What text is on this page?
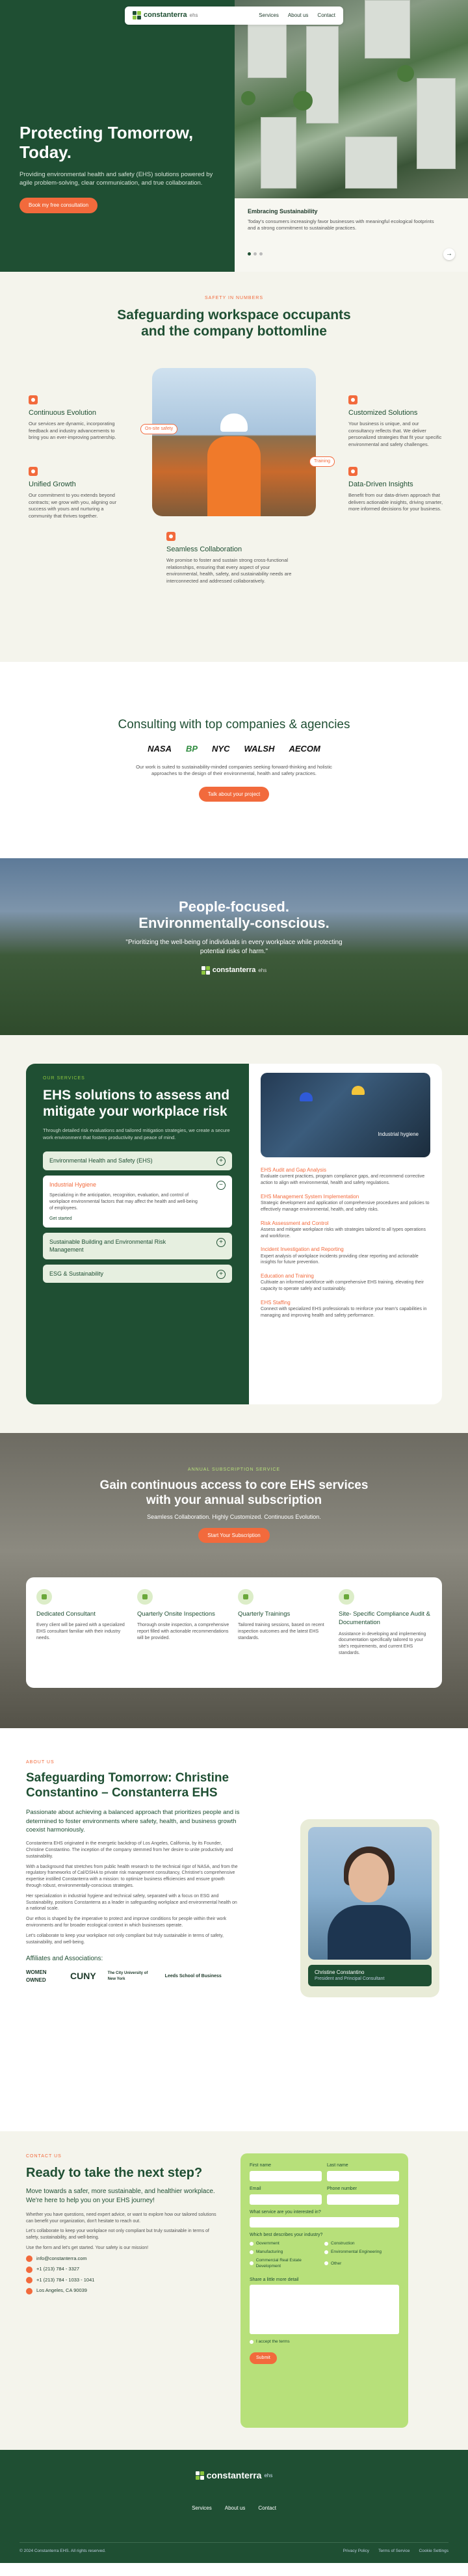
constanterra ehs	Services About us Contact
Protecting Tomorrow, Today.

Providing environmental health and safety (EHS) solutions powered by agile problem-solving, clear communication, and true collaboration.

Book my free consultation
Embracing Sustainability

Today's consumers increasingly favor businesses with meaningful ecological footprints and a strong commitment to sustainable practices.

→
SAFETY IN NUMBERS
Safeguarding workspace occupants and the company bottomline
On-site safety
Training
Continuous Evolution

Our services are dynamic, incorporating feedback and industry advancements to bring you an ever-improving partnership.

Unified Growth

Our commitment to you extends beyond contracts; we grow with you, aligning our success with yours and nurturing a community that thrives together.

Seamless Collaboration

We promise to foster and sustain strong cross-functional relationships, ensuring that every aspect of your environmental, health, safety, and sustainability needs are interconnected and addressed collaboratively.

Customized Solutions

Your business is unique, and our consultancy reflects that. We deliver personalized strategies that fit your specific environmental and safety challenges.

Data-Driven Insights

Benefit from our data-driven approach that delivers actionable insights, driving smarter, more informed decisions for your business.

Consulting with top companies & agencies
NASA BP NYC WALSH AECOM

Our work is suited to sustainability-minded companies seeking forward-thinking and holistic approaches to the design of their environmental, health and safety practices.

Talk about your project
People-focused. Environmentally-conscious.

"Prioritizing the well-being of individuals in every workplace while protecting potential risks of harm."

constanterra ehs
OUR SERVICES
EHS solutions to assess and mitigate your workplace risk

Through detailed risk evaluations and tailored mitigation strategies, we create a secure work environment that fosters productivity and peace of mind.

Environmental Health and Safety (EHS)	+
Industrial Hygiene	−
Specializing in the anticipation, recognition, evaluation, and control of workplace environmental factors that may affect the health and well-being of employees.
Get started
Sustainable Building and Environmental Risk Management
+
ESG & Sustainability	+
Industrial hygiene
EHS Audit and Gap Analysis

Evaluate current practices, program compliance gaps, and recommend corrective action to align with environmental, health and safety regulations.

EHS Management System Implementation

Strategic development and application of comprehensive procedures and policies to effectively manage environmental, health, and safety risks.

Risk Assessment and Control

Assess and mitigate workplace risks with strategies tailored to all types operations and workforce.

Incident Investigation and Reporting

Expert analysis of workplace incidents providing clear reporting and actionable insights for future prevention.

Education and Training

Cultivate an informed workforce with comprehensive EHS training, elevating their capacity to operate safely and sustainably.

EHS Staffing

Connect with specialized EHS professionals to reinforce your team's capabilities in managing and improving health and safety performance.

ANNUAL SUBSCRIPTION SERVICE
Gain continuous access to core EHS services with your annual subscription
Seamless Collaboration. Highly Customized. Continuous Evolution.
Start Your Subscription
Dedicated Consultant

Every client will be paired with a specialized EHS consultant familiar with their industry needs.

Quarterly Onsite Inspections

Thorough onsite inspection, a comprehensive report filled with actionable recommendations will be provided.

Quarterly Trainings

Tailored training sessions, based on recent inspection outcomes and the latest EHS standards.

Site- Specific Compliance Audit & Documentation

Assistance in developing and implementing documentation specifically tailored to your site's requirements, and current EHS standards.

ABOUT US
Safeguarding Tomorrow: Christine Constantino – Constanterra EHS

Passionate about achieving a balanced approach that prioritizes people and is determined to foster environments where safety, health, and business growth coexist harmoniously.

Constanterra EHS originated in the energetic backdrop of Los Angeles, California, by its Founder, Christine Constantino. The inception of the company stemmed from her desire to unite productivity and sustainability.

With a background that stretches from public health research to the technical rigor of NASA, and from the regulatory frameworks of Cal/OSHA to private risk management consultancy, Christine's comprehensive expertise instilled Constanterra with a mission: to optimize business efficiencies and ensure growth through robust, environmentally-conscious strategies.

Her specialization in industrial hygiene and technical safety, separated with a focus on ESG and Sustainability, positions Constanterra as a leader in safeguarding workplace and environmental health on a national scale.

Our ethos is shaped by the imperative to protect and improve conditions for people within their work environments and for broader ecological context in which businesses operate.

Let's collaborate to keep your workplace not only compliant but truly sustainable in terms of safety, sustainability, and well-being.

Affiliates and Associations:
WOMEN OWNED	CUNY	The City University of New York
Leeds School of Business
Christine Constantino
President and Principal Consultant
CONTACT US
Ready to take the next step?

Move towards a safer, more sustainable, and healthier workplace. We're here to help you on your EHS journey!

Whether you have questions, need expert advice, or want to explore how our tailored solutions can benefit your organization, don't hesitate to reach out.

Let's collaborate to keep your workplace not only compliant but truly sustainable in terms of safety, sustainability, and well-being.

Use the form and let's get started. Your safety is our mission!

info@constanterra.com
+1 (213) 784 - 3327
+1 (213) 784 - 1033 - 1041
Los Angeles, CA 90039
First name	Last name
Email	Phone number
What service are you interested in?
Which best describes your industry?
Government	Construction
Manufacturing	Environmental Engineering
Commercial Real Estate Development
Other
Share a little more detail
I accept the terms
Submit
constanterra ehs
Services	About us	Contact
© 2024 Constanterra EHS. All rights reserved.	Privacy Policy Terms of Service Cookie Settings
